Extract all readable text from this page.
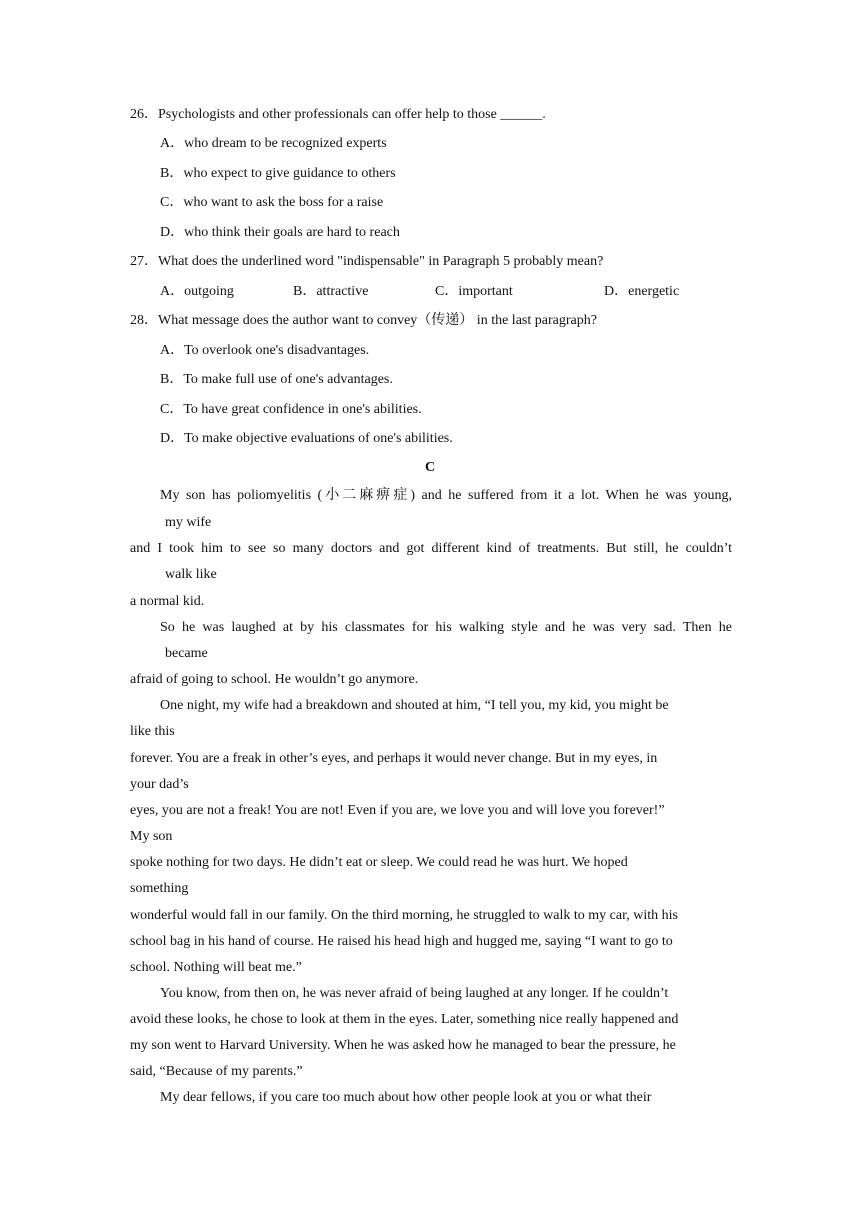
26．Psychologists and other professionals can offer help to those ______.
A．who dream to be recognized experts
B．who expect to give guidance to others
C．who want to ask the boss for a raise
D．who think their goals are hard to reach
27．What does the underlined word "indispensable" in Paragraph 5 probably mean?
A．outgoing	B．attractive	C．important	D．energetic
28．What message does the author want to convey（传递） in the last paragraph?
A．To overlook one's disadvantages.
B．To make full use of one's advantages.
C．To have great confidence in one's abilities.
D．To make objective evaluations of one's abilities.
C
My son has poliomyelitis (小二麻痹症) and he suffered from it a lot. When he was young,
my wife
and I took him to see so many doctors and got different kind of treatments. But still, he couldn’t
walk like
a normal kid.
So he was laughed at by his classmates for his walking style and he was very sad. Then he
became
afraid of going to school. He wouldn’t go anymore.
One night, my wife had a breakdown and shouted at him, “I tell you, my kid, you might be
like this
forever. You are a freak in other’s eyes, and perhaps it would never change. But in my eyes, in
your dad’s
eyes, you are not a freak! You are not! Even if you are, we love you and will love you forever!”
My son
spoke nothing for two days. He didn’t eat or sleep. We could read he was hurt. We hoped
something
wonderful would fall in our family. On the third morning, he struggled to walk to my car, with his
school bag in his hand of course. He raised his head high and hugged me, saying “I want to go to
school. Nothing will beat me.”
You know, from then on, he was never afraid of being laughed at any longer. If he couldn’t
avoid these looks, he chose to look at them in the eyes. Later, something nice really happened and
my son went to Harvard University. When he was asked how he managed to bear the pressure, he
said, “Because of my parents.”
My dear fellows, if you care too much about how other people look at you or what their
